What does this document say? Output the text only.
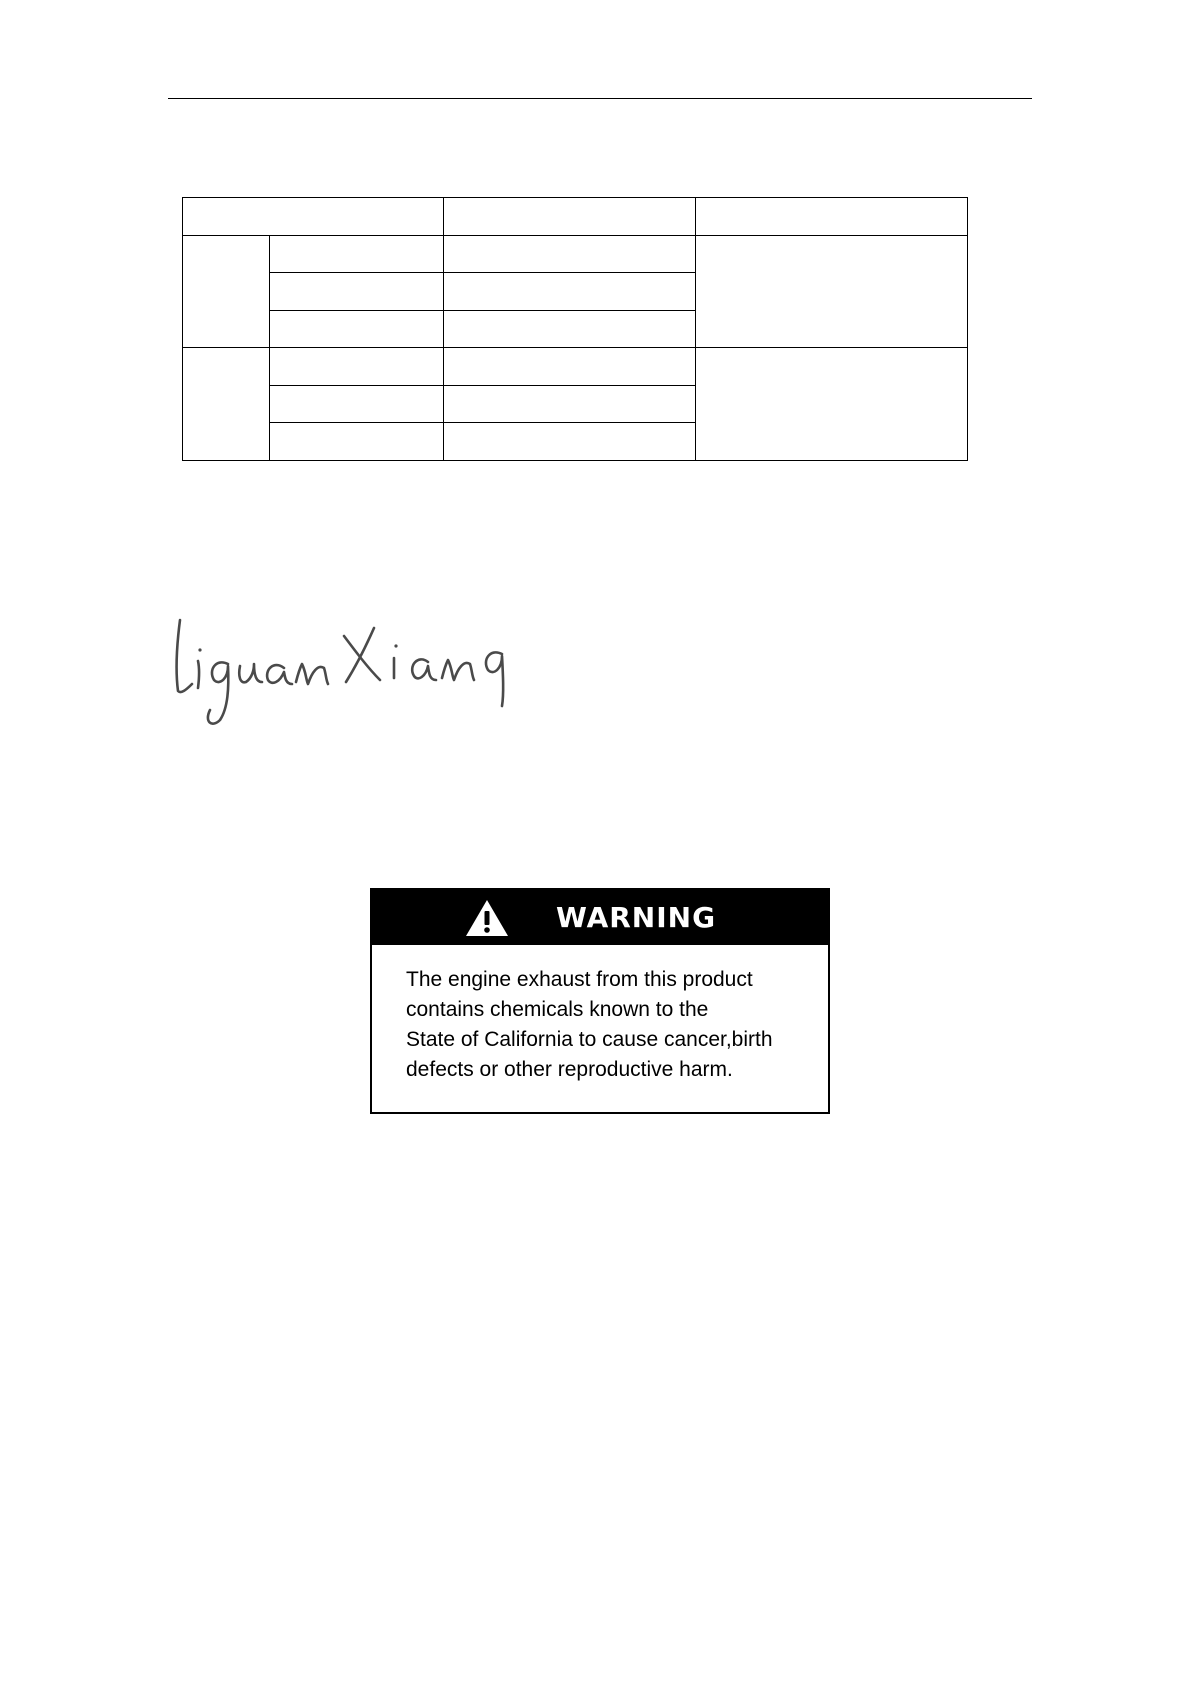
WARNING
The engine exhaust from this product
contains chemicals known to the
State of California to cause cancer,birth
defects or other reproductive harm.
